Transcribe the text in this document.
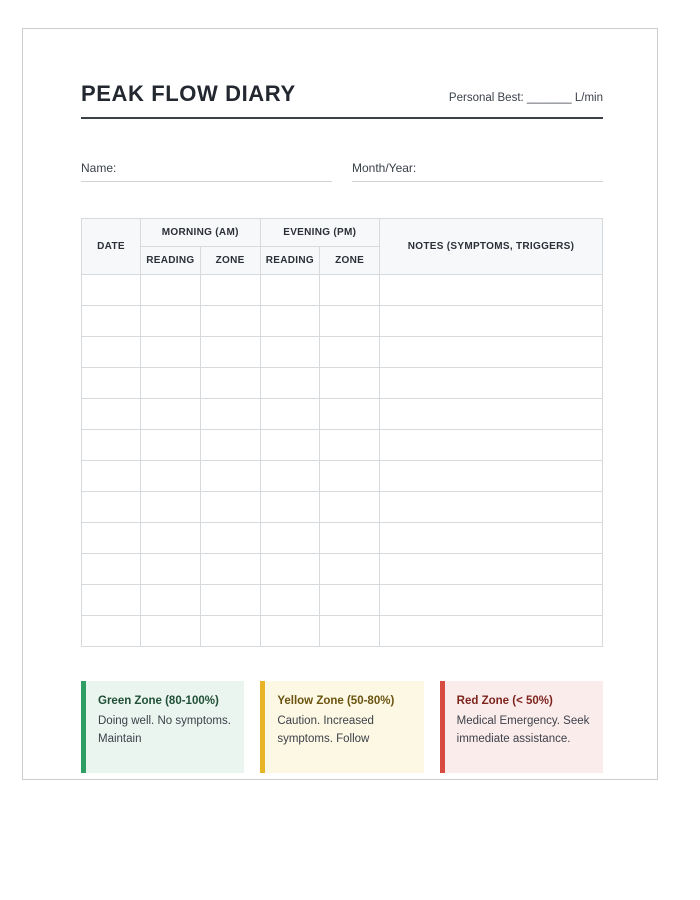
PEAK FLOW DIARY	Personal Best: _______ L/min
Name:	Month/Year:
DATE	MORNING (AM)		EVENING (PM)		NOTES (SYMPTOMS, TRIGGERS)
	READING	ZONE	READING	ZONE	

Green Zone (80-100%)

Doing well. No symptoms. Maintain

Yellow Zone (50-80%)

Caution. Increased symptoms. Follow

Red Zone (< 50%)

Medical Emergency. Seek immediate assistance.
